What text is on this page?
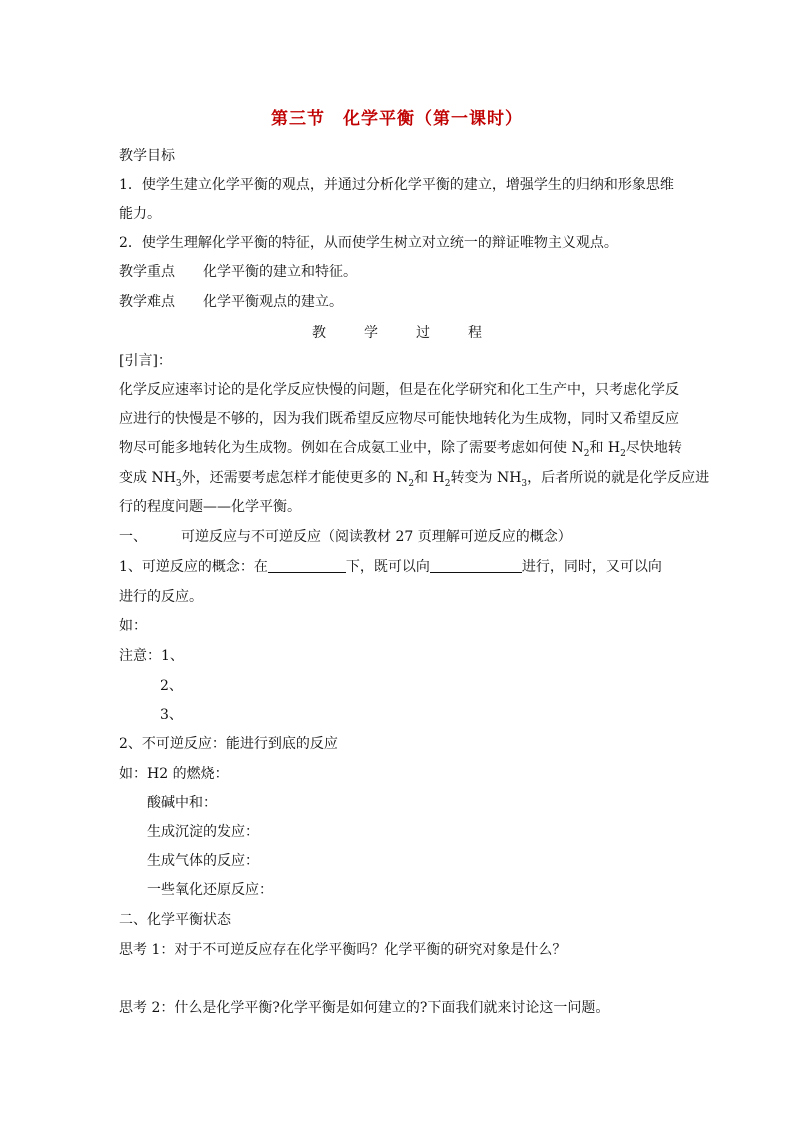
第三节　化学平衡（第一课时）
教学目标
1．使学生建立化学平衡的观点，并通过分析化学平衡的建立，增强学生的归纳和形象思维
能力。
2．使学生理解化学平衡的特征，从而使学生树立对立统一的辩证唯物主义观点。
教学重点 化学平衡的建立和特征。
教学难点 化学平衡观点的建立。
教学过程
[引言]：
化学反应速率讨论的是化学反应快慢的问题，但是在化学研究和化工生产中，只考虑化学反
应进行的快慢是不够的，因为我们既希望反应物尽可能快地转化为生成物，同时又希望反应
物尽可能多地转化为生成物。例如在合成氨工业中，除了需要考虑如何使 $N_2$和 $H_2$尽快地转
变成 $NH_3$外，还需要考虑怎样才能使更多的 $N_2$和 $H_2$转变为 $NH_3$，后者所说的就是化学反应进
行的程度问题——化学平衡。
一、 可逆反应与不可逆反应（阅读教材 27 页理解可逆反应的概念）
1、可逆反应的概念：在	下，既可以向	进行，同时，又可以向
进行的反应。
如：
注意：1、
2、
3、
2、不可逆反应：能进行到底的反应
如：H2 的燃烧：
酸碱中和：
生成沉淀的发应：
生成气体的反应：
一些氧化还原反应：
二、化学平衡状态
思考 1：对于不可逆反应存在化学平衡吗？化学平衡的研究对象是什么？
思考 2：什么是化学平衡?化学平衡是如何建立的?下面我们就来讨论这一问题。
